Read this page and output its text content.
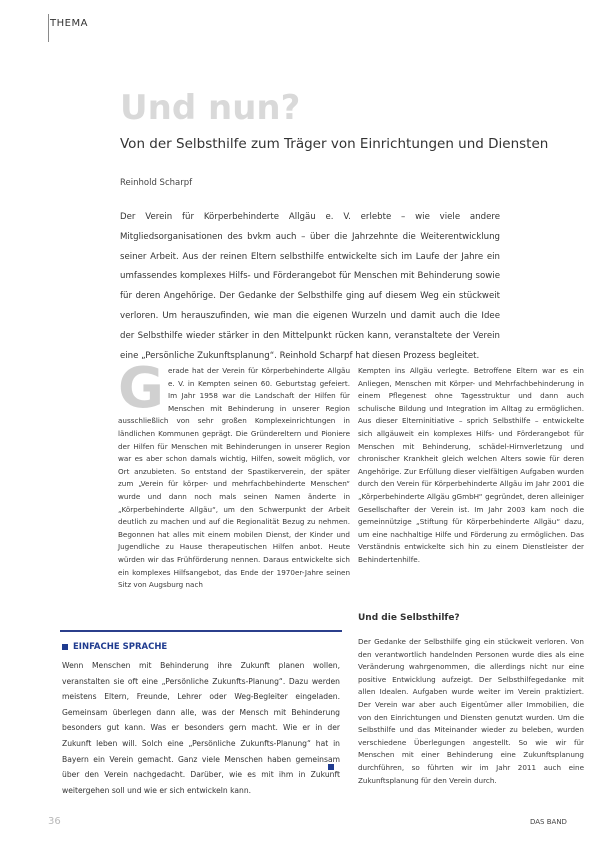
THEMA
Und nun?
Von der Selbsthilfe zum Träger von Einrichtungen und Diensten
Reinhold Scharpf
Der Verein für Körperbehinderte Allgäu e. V. erlebte – wie viele andere Mitgliedsorganisationen des bvkm auch – über die Jahrzehnte die Weiterentwicklung seiner Arbeit. Aus der reinen Eltern selbsthilfe entwickelte sich im Laufe der Jahre ein umfassendes komplexes Hilfs- und Förderangebot für Menschen mit Behinderung sowie für deren Angehörige. Der Gedanke der Selbsthilfe ging auf diesem Weg ein stückweit verloren. Um herauszufinden, wie man die eigenen Wurzeln und damit auch die Idee der Selbsthilfe wieder stärker in den Mittelpunkt rücken kann, veranstaltete der Verein eine „Persönliche Zukunftsplanung“. Reinhold Scharpf hat diesen Prozess begleitet.
Gerade hat der Verein für Körperbehinderte Allgäu e. V. in Kempten seinen 60. Geburtstag gefeiert. Im Jahr 1958 war die Landschaft der Hilfen für Menschen mit Behinderung in unserer Region ausschließlich von sehr großen Komplexeinrichtungen in ländlichen Kommunen geprägt. Die Gründereltern und Pioniere der Hilfen für Menschen mit Behinderungen in unserer Region war es aber schon damals wichtig, Hilfen, soweit möglich, vor Ort anzubieten. So entstand der Spastikerverein, der später zum „Verein für körper- und mehrfachbehinderte Menschen“ wurde und dann noch mals seinen Namen änderte in „Körperbehinderte Allgäu“, um den Schwerpunkt der Arbeit deutlich zu machen und auf die Regionalität Bezug zu nehmen. Begonnen hat alles mit einem mobilen Dienst, der Kinder und Jugendliche zu Hause therapeutischen Hilfen anbot. Heute würden wir das Frühförderung nennen. Daraus entwickelte sich ein komplexes Hilfsangebot, das Ende der 1970er-Jahre seinen Sitz von Augsburg nach
Kempten ins Allgäu verlegte. Betroffene Eltern war es ein Anliegen, Menschen mit Körper- und Mehrfachbehinderung in einem Pflegenest ohne Tagesstruktur und dann auch schulische Bildung und Integration im Alltag zu ermöglichen. Aus dieser Elterninitiative – sprich Selbsthilfe – entwickelte sich allgäuweit ein komplexes Hilfs- und Förderangebot für Menschen mit Behinderung, schädel-Hirnverletzung und chronischer Krankheit gleich welchen Alters sowie für deren Angehörige. Zur Erfüllung dieser vielfältigen Aufgaben wurden durch den Verein für Körperbehinderte Allgäu im Jahr 2001 die „Körperbehinderte Allgäu gGmbH“ gegründet, deren alleiniger Gesellschafter der Verein ist. Im Jahr 2003 kam noch die gemeinnützige „Stiftung für Körperbehinderte Allgäu“ dazu, um eine nachhaltige Hilfe und Förderung zu ermöglichen. Das Verständnis entwickelte sich hin zu einem Dienstleister der Behindertenhilfe.
Und die Selbsthilfe?
Der Gedanke der Selbsthilfe ging ein stückweit verloren. Von den verantwortlich handelnden Personen wurde dies als eine Veränderung wahrgenommen, die allerdings nicht nur eine positive Entwicklung aufzeigt. Der Selbsthilfegedanke mit allen Idealen. Aufgaben wurde weiter im Verein praktiziert. Der Verein war aber auch Eigentümer aller Immobilien, die von den Einrichtungen und Diensten genutzt wurden. Um die Selbsthilfe und das Miteinander wieder zu beleben, wurden verschiedene Überlegungen angestellt. So wie wir für Menschen mit einer Behinderung eine Zukunftsplanung durchführen, so führten wir im Jahr 2011 auch eine Zukunftsplanung für den Verein durch.
EINFACHE SPRACHE
Wenn Menschen mit Behinderung ihre Zukunft planen wollen, veranstalten sie oft eine „Persönliche Zukunfts-Planung“. Dazu werden meistens Eltern, Freunde, Lehrer oder Weg-Begleiter eingeladen. Gemeinsam überlegen dann alle, was der Mensch mit Behinderung besonders gut kann. Was er besonders gern macht. Wie er in der Zukunft leben will. Solch eine „Persönliche Zukunfts-Planung“ hat in Bayern ein Verein gemacht. Ganz viele Menschen haben gemeinsam über den Verein nachgedacht. Darüber, wie es mit ihm in Zukunft weitergehen soll und wie er sich entwickeln kann.
36	DAS BAND
